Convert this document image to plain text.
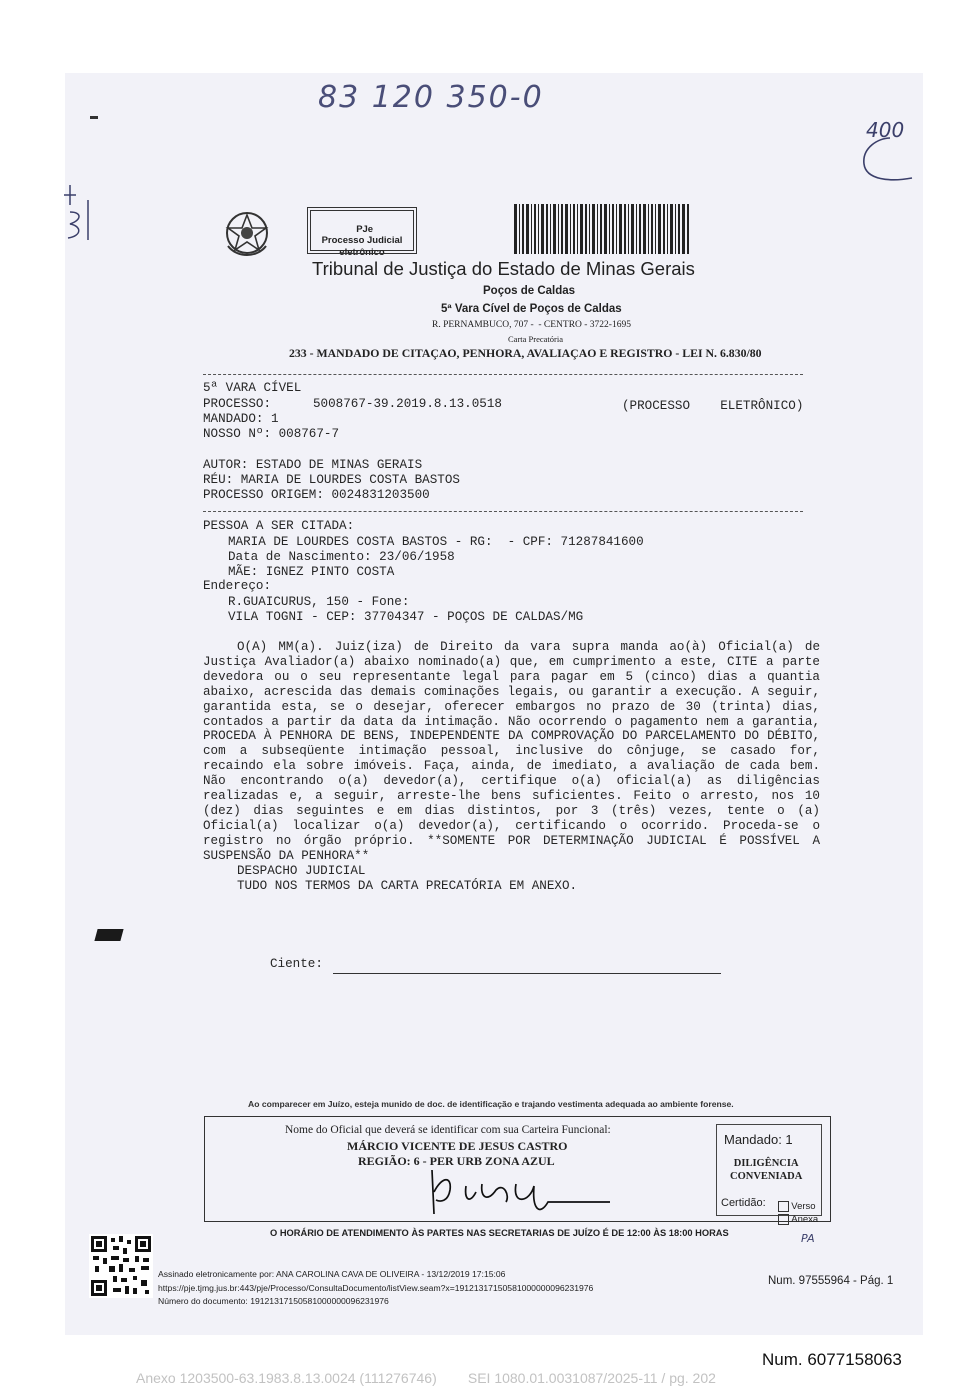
83 120 350-0
400

PJe
Processo Judicial
eletrônico

Tribunal de Justiça do Estado de Minas Gerais
Poços de Caldas
5ª Vara Cível de Poços de Caldas
R. PERNAMBUCO, 707 -  - CENTRO - 3722-1695
Carta Precatória
233 - MANDADO DE CITAÇAO, PENHORA, AVALIAÇAO E REGISTRO - LEI N. 6.830/80
5ª VARA CÍVEL
PROCESSO:	5008767-39.2019.8.13.0518	(PROCESSO    ELETRÔNICO)
MANDADO: 1
NOSSO Nº: 008767-7
AUTOR: ESTADO DE MINAS GERAIS
RÉU: MARIA DE LOURDES COSTA BASTOS
PROCESSO ORIGEM: 0024831203500
PESSOA A SER CITADA:
MARIA DE LOURDES COSTA BASTOS - RG:  - CPF: 71287841600
Data de Nascimento: 23/06/1958
MÃE: IGNEZ PINTO COSTA
Endereço:
R.GUAICURUS, 150 - Fone:
VILA TOGNI - CEP: 37704347 - POÇOS DE CALDAS/MG

O(A) MM(a). Juiz(iza) de Direito da vara supra manda ao(à) Oficial(a) de Justiça Avaliador(a) abaixo nominado(a) que, em cumprimento a este, CITE a parte devedora ou o seu representante legal para pagar em 5 (cinco) dias a quantia abaixo, acrescida das demais cominações legais, ou garantir a execução. A seguir, garantida esta, se o desejar, oferecer embargos no prazo de 30 (trinta) dias, contados a partir da data da intimação. Não ocorrendo o pagamento nem a garantia, PROCEDA À PENHORA DE BENS, INDEPENDENTE DA COMPROVAÇÃO DO PARCELAMENTO DO DÉBITO, com a subseqüente intimação pessoal, inclusive do cônjuge, se casado for, recaindo ela sobre imóveis. Faça, ainda, de imediato, a avaliação de cada bem. Não encontrando o(a) devedor(a), certifique o(a) oficial(a) as diligências realizadas e, a seguir, arreste-lhe bens suficientes. Feito o arresto, nos 10 (dez) dias seguintes e em dias distintos, por 3 (três) vezes, tente o (a) Oficial(a) localizar o(a) devedor(a), certificando o ocorrido. Proceda-se o registro no órgão próprio. **SOMENTE POR DETERMINAÇÃO JUDICIAL É POSSÍVEL A SUSPENSÃO DA PENHORA**

DESPACHO JUDICIAL

TUDO NOS TERMOS DA CARTA PRECATÓRIA EM ANEXO.

Ciente:
Ao comparecer em Juízo, esteja munido de doc. de identificação e trajando vestimenta adequada ao ambiente forense.
Nome do Oficial que deverá se identificar com sua Carteira Funcional:
MÁRCIO VICENTE DE JESUS CASTRO
REGIÃO: 6 - PER URB ZONA AZUL
Mandado: 1
DILIGÊNCIA
CONVENIADA
Certidão:	Verso

Anexa

O HORÁRIO DE ATENDIMENTO ÀS PARTES NAS SECRETARIAS DE JUÍZO É DE 12:00 ÀS 18:00 HORAS	PA
Assinado eletronicamente por: ANA CAROLINA CAVA DE OLIVEIRA - 13/12/2019 17:15:06
https://pje.tjmg.jus.br:443/pje/Processo/ConsultaDocumento/listView.seam?x=19121317150581000000096231976
Número do documento: 19121317150581000000096231976
Num. 97555964 - Pág. 1
Num. 6077158063
Anexo 1203500-63.1983.8.13.0024 (111276746)        SEI 1080.01.0031087/2025-11 / pg. 202
